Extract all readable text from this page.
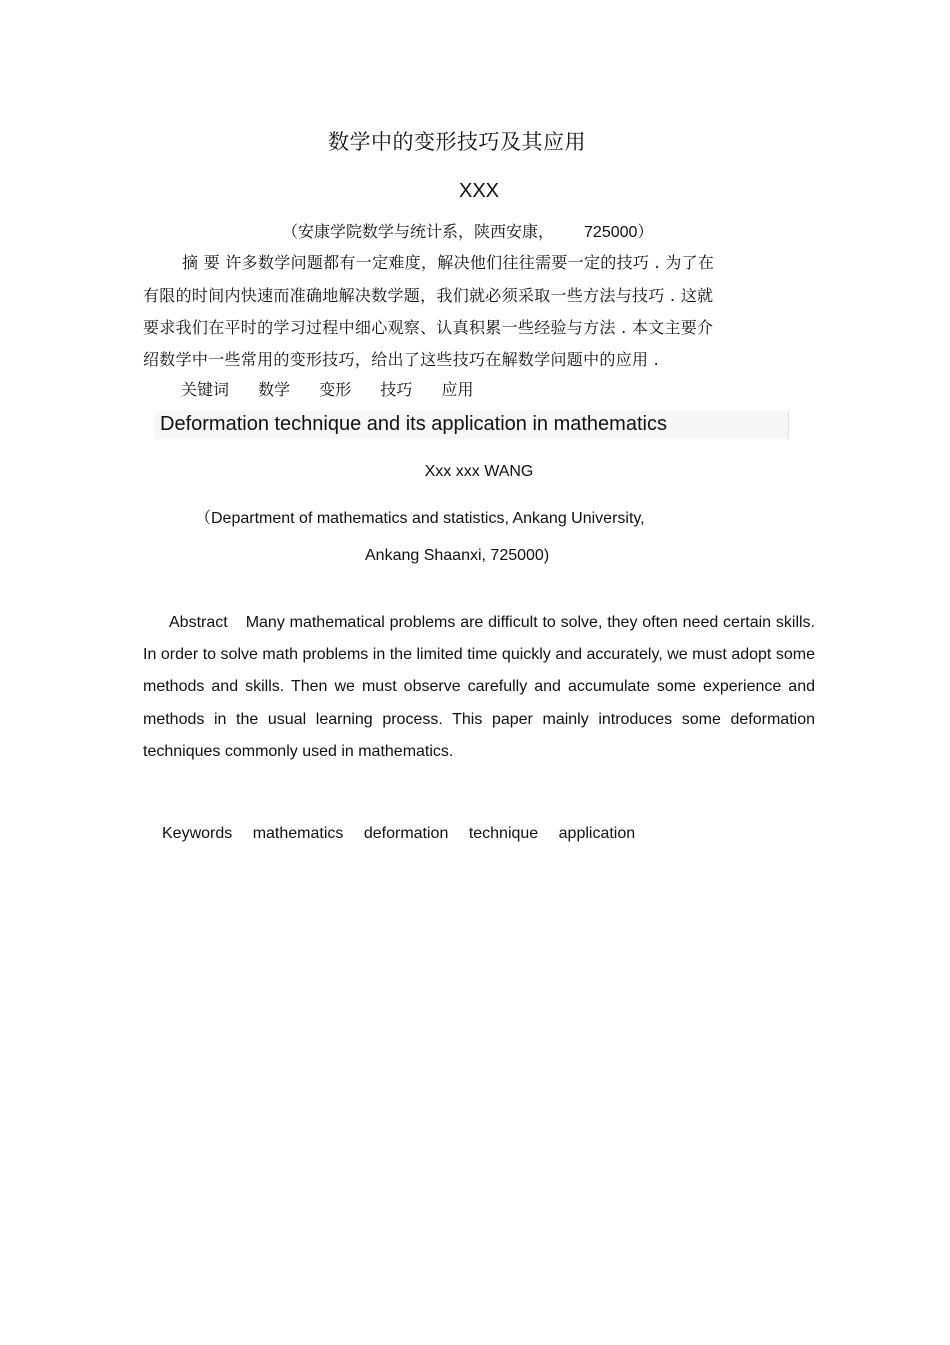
数学中的变形技巧及其应用
XXX
（安康学院数学与统计系，陕西安康， 725000）
摘 要 许多数学问题都有一定难度，解决他们往往需要一定的技巧 . 为了在
有限的时间内快速而准确地解决数学题，我们就必须采取一些方法与技巧 . 这就
要求我们在平时的学习过程中细心观察、认真积累一些经验与方法 . 本文主要介
绍数学中一些常用的变形技巧，给出了这些技巧在解数学问题中的应用 .
关键词 数学 变形 技巧 应用
Deformation technique and its application in mathematics
Xxx xxx WANG
（Department of mathematics and statistics, Ankang University,
Ankang Shaanxi, 725000)
Abstract Many mathematical problems are difficult to solve, they often need certain skills. In order to solve math problems in the limited time quickly and accurately, we must adopt some methods and skills. Then we must observe carefully and accumulate some experience and methods in the usual learning process. This paper mainly introduces some deformation techniques commonly used in mathematics.
Keywords mathematics deformation technique application
